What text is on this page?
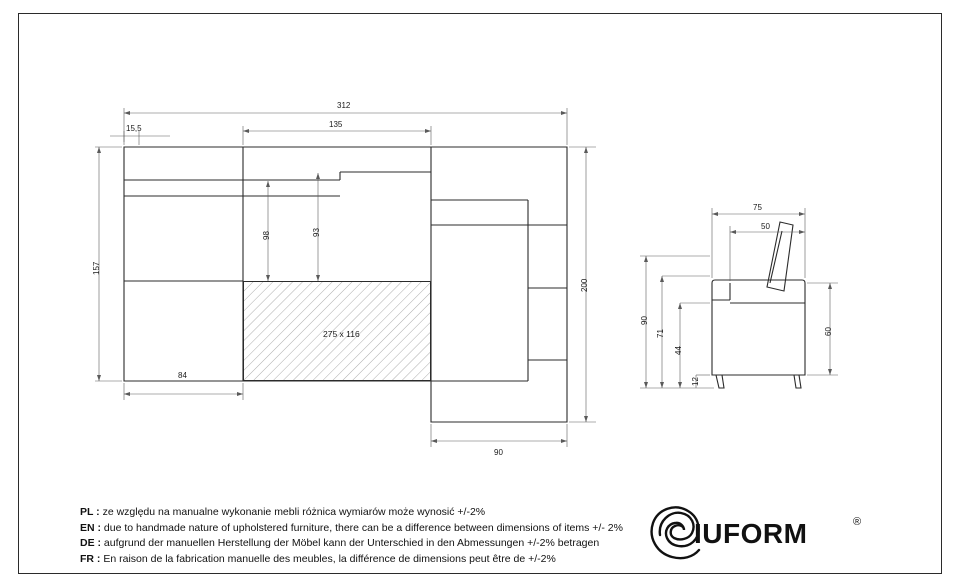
312
15,5	135
157
200
98	93
84
90
275 x 116
75
50
90
71
44
12
60
PL : ze względu na manualne wykonanie mebli różnica wymiarów może wynosić +/-2%
EN : due to handmade nature of upholstered furniture, there can be a difference between dimensions of items +/- 2%
DE : aufgrund der manuellen Herstellung der Möbel kann der Unterschied in den Abmessungen +/-2% betragen
FR : En raison de la fabrication manuelle des meubles, la différence de dimensions peut être de +/-2%
IUFORM	®
